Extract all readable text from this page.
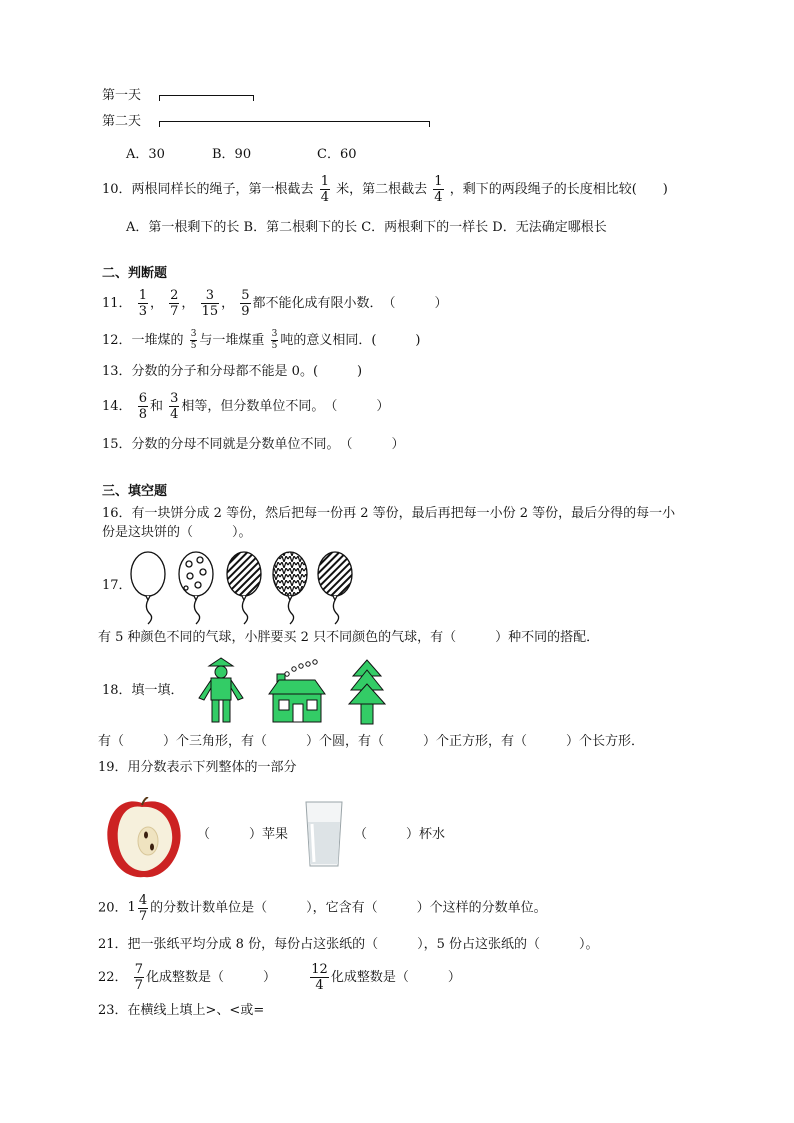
第一天
第二天
A．30	B．90	C．60
10．两根同样长的绳子，第一根截去 $\frac{1}{4}$ 米，第二根截去 $\frac{1}{4}$ ，剩下的两段绳子的长度相比较(　　)
A．第一根剩下的长 B．第二根剩下的长 C．两根剩下的一样长 D．无法确定哪根长
二、判断题
11． $\frac{1}{3}$ ， $\frac{2}{7}$ ， $\frac{3}{15}$ ， $\frac{5}{9}$ 都不能化成有限小数．　（　　　）
12．一堆煤的 $\frac{3}{5}$ 与一堆煤重 $\frac{3}{5}$ 吨的意义相同．(　　　)
13．分数的分子和分母都不能是 0。(　　　)
14． $\frac{6}{8}$ 和 $\frac{3}{4}$ 相等，但分数单位不同。　（　　　）
15．分数的分母不同就是分数单位不同。　（　　　）
三、填空题
16．有一块饼分成 2 等份，然后把每一份再 2 等份，最后再把每一小份 2 等份，最后分得的每一小
份是这块饼的（　　　）。
17．
有 5 种颜色不同的气球，小胖要买 2 只不同颜色的气球，有（　　　）种不同的搭配．
18．填一填．
有（　　　）个三角形，有（　　　）个圆，有（　　　）个正方形，有（　　　）个长方形．
19．用分数表示下列整体的一部分
（　　　）苹果	（　　　）杯水
20． $1 \frac{4}{7}$ 的分数计数单位是（　　　），它含有（　　　）个这样的分数单位。
21．把一张纸平均分成 8 份，每份占这张纸的（　　　），5 份占这张纸的（　　　）。
22． $\frac{7}{7}$ 化成整数是（　　　）	$\frac{12}{4}$ 化成整数是（　　　）
23．在横线上填上>、<或=
